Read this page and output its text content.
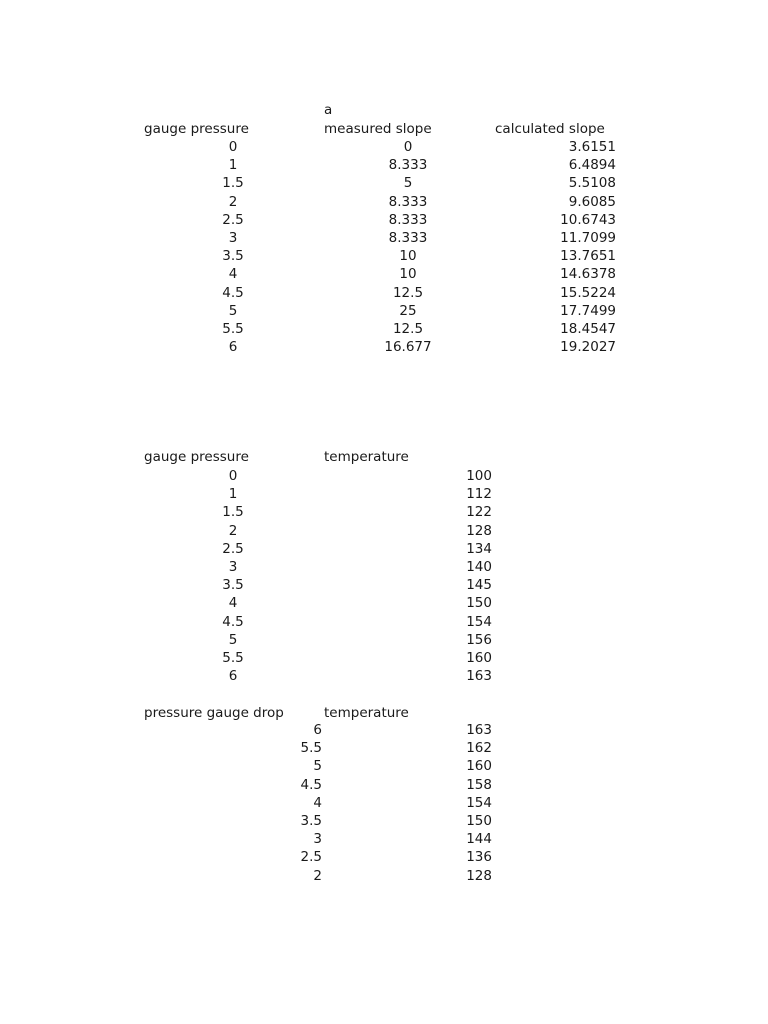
a
gauge pressure	measured slope	calculated slope
0	0	3.6151
1	8.333	6.4894
1.5	5	5.5108
2	8.333	9.6085
2.5	8.333	10.6743
3	8.333	11.7099
3.5	10	13.7651
4	10	14.6378
4.5	12.5	15.5224
5	25	17.7499
5.5	12.5	18.4547
6	16.677	19.2027
gauge pressure	temperature
0	100
1	112
1.5	122
2	128
2.5	134
3	140
3.5	145
4	150
4.5	154
5	156
5.5	160
6	163
pressure gauge drop	temperature
6	163
5.5	162
5	160
4.5	158
4	154
3.5	150
3	144
2.5	136
2	128
